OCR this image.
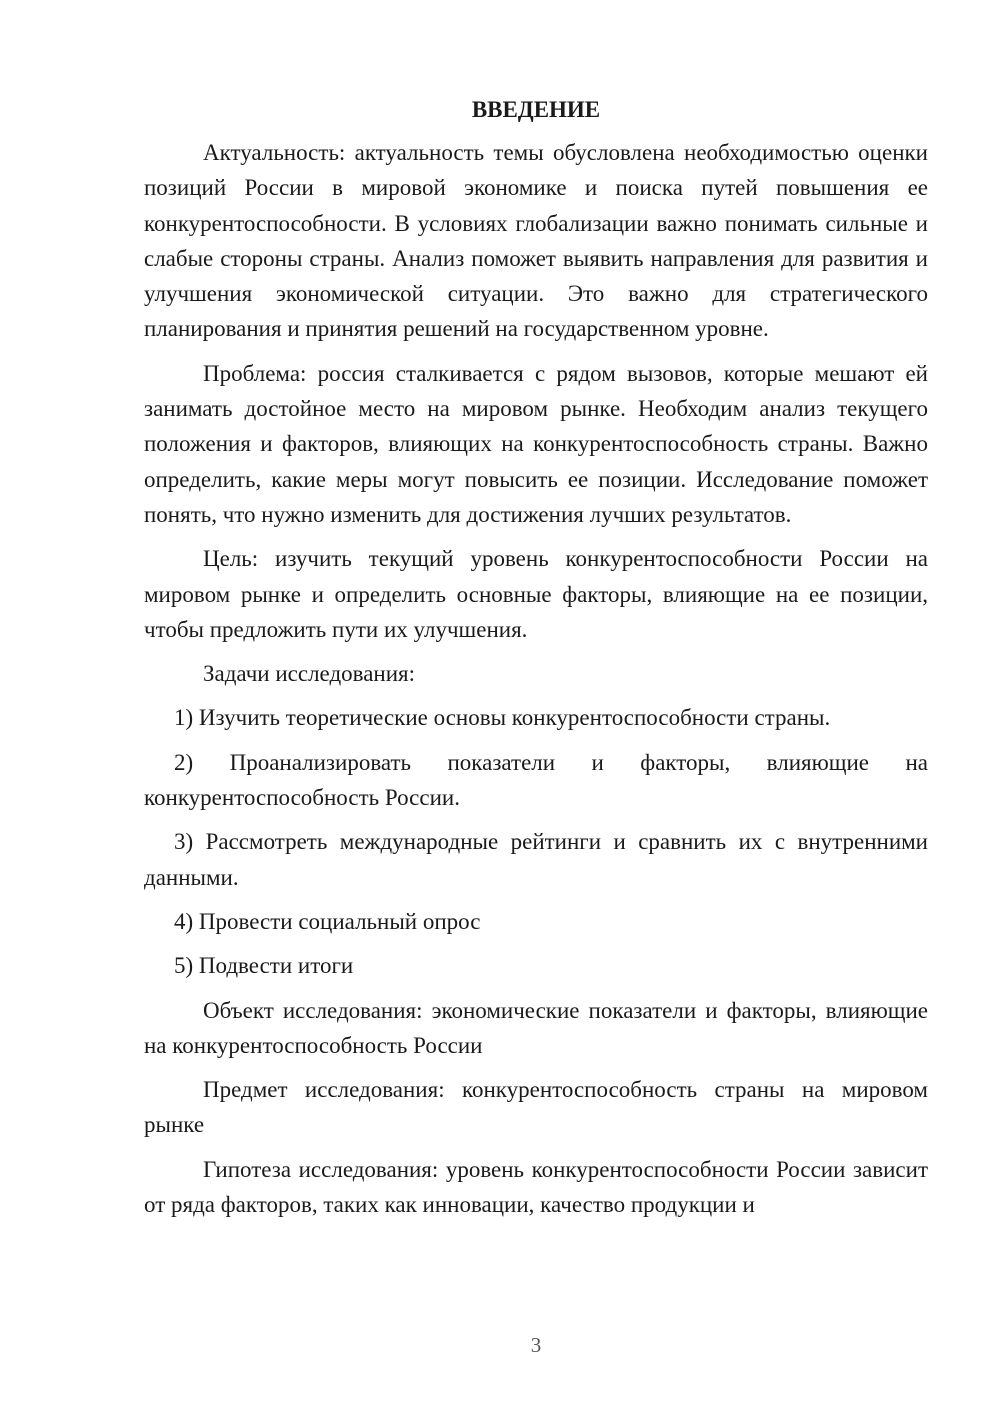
ВВЕДЕНИЕ

Актуальность: актуальность темы обусловлена необходимостью оценки позиций России в мировой экономике и поиска путей повышения ее конкурентоспособности. В условиях глобализации важно понимать сильные и слабые стороны страны. Анализ поможет выявить направления для развития и улучшения экономической ситуации. Это важно для стратегического планирования и принятия решений на государственном уровне.

Проблема: россия сталкивается с рядом вызовов, которые мешают ей занимать достойное место на мировом рынке. Необходим анализ текущего положения и факторов, влияющих на конкурентоспособность страны. Важно определить, какие меры могут повысить ее позиции. Исследование поможет понять, что нужно изменить для достижения лучших результатов.

Цель: изучить текущий уровень конкурентоспособности России на мировом рынке и определить основные факторы, влияющие на ее позиции, чтобы предложить пути их улучшения.

Задачи исследования:

1) Изучить теоретические основы конкурентоспособности страны.

2) Проанализировать показатели и факторы, влияющие на конкурентоспособность России.

3) Рассмотреть международные рейтинги и сравнить их с внутренними данными.

4) Провести социальный опрос

5) Подвести итоги

Объект исследования: экономические показатели и факторы, влияющие на конкурентоспособность России

Предмет исследования: конкурентоспособность страны на мировом рынке

Гипотеза исследования: уровень конкурентоспособности России зависит от ряда факторов, таких как инновации, качество продукции и

3
